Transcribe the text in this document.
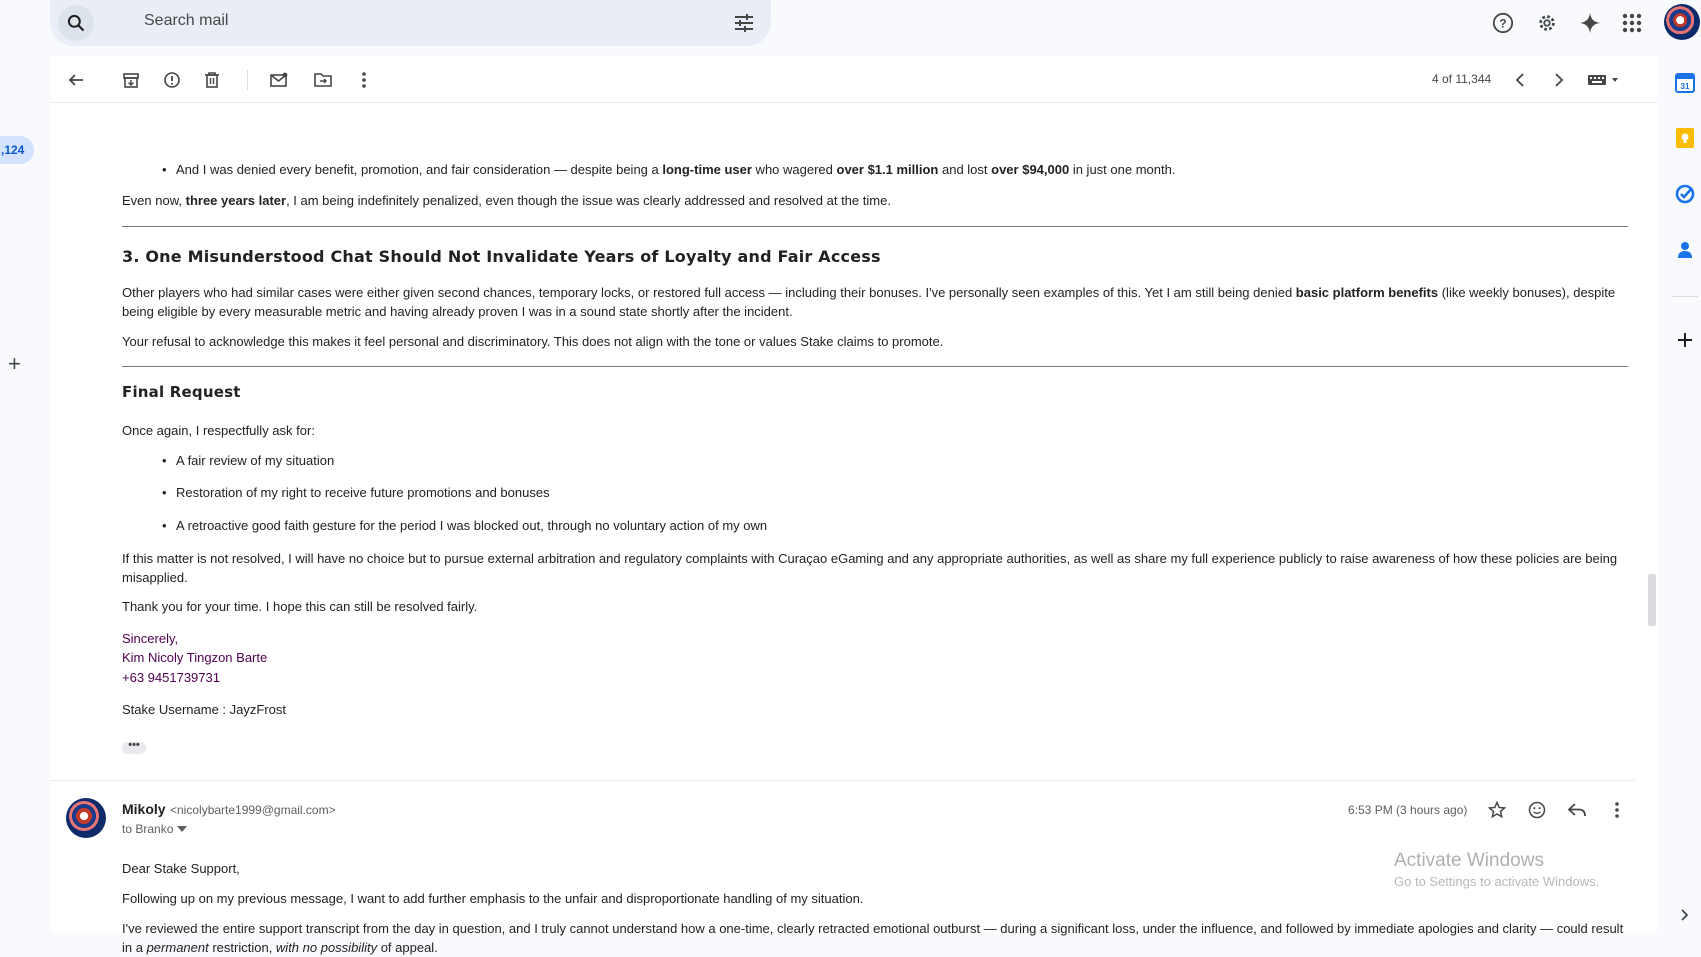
Search mail	?
,124
+
4 of 11,344
• And I was denied every benefit, promotion, and fair consideration — despite being a long-time user who wagered over $1.1 million and lost over $94,000 in just one month.
Even now, three years later, I am being indefinitely penalized, even though the issue was clearly addressed and resolved at the time.
3. One Misunderstood Chat Should Not Invalidate Years of Loyalty and Fair Access
Other players who had similar cases were either given second chances, temporary locks, or restored full access — including their bonuses. I've personally seen examples of this. Yet I am still being denied basic platform benefits (like weekly bonuses), despite being eligible by every measurable metric and having already proven I was in a sound state shortly after the incident.
Your refusal to acknowledge this makes it feel personal and discriminatory. This does not align with the tone or values Stake claims to promote.
Final Request
Once again, I respectfully ask for:
• A fair review of my situation
• Restoration of my right to receive future promotions and bonuses
• A retroactive good faith gesture for the period I was blocked out, through no voluntary action of my own
If this matter is not resolved, I will have no choice but to pursue external arbitration and regulatory complaints with Curaçao eGaming and any appropriate authorities, as well as share my full experience publicly to raise awareness of how these policies are being misapplied.
Thank you for your time. I hope this can still be resolved fairly.
Sincerely,
Kim Nicoly Tingzon Barte
+63 9451739731
Stake Username : JayzFrost
•••
Mikoly <nicolybarte1999@gmail.com>
to Branko
6:53 PM (3 hours ago)
Dear Stake Support,
Following up on my previous message, I want to add further emphasis to the unfair and disproportionate handling of my situation.
I've reviewed the entire support transcript from the day in question, and I truly cannot understand how a one-time, clearly retracted emotional outburst — during a significant loss, under the influence, and followed by immediate apologies and clarity — could result in a permanent restriction, with no possibility of appeal.
Activate Windows
Go to Settings to activate Windows.
31
